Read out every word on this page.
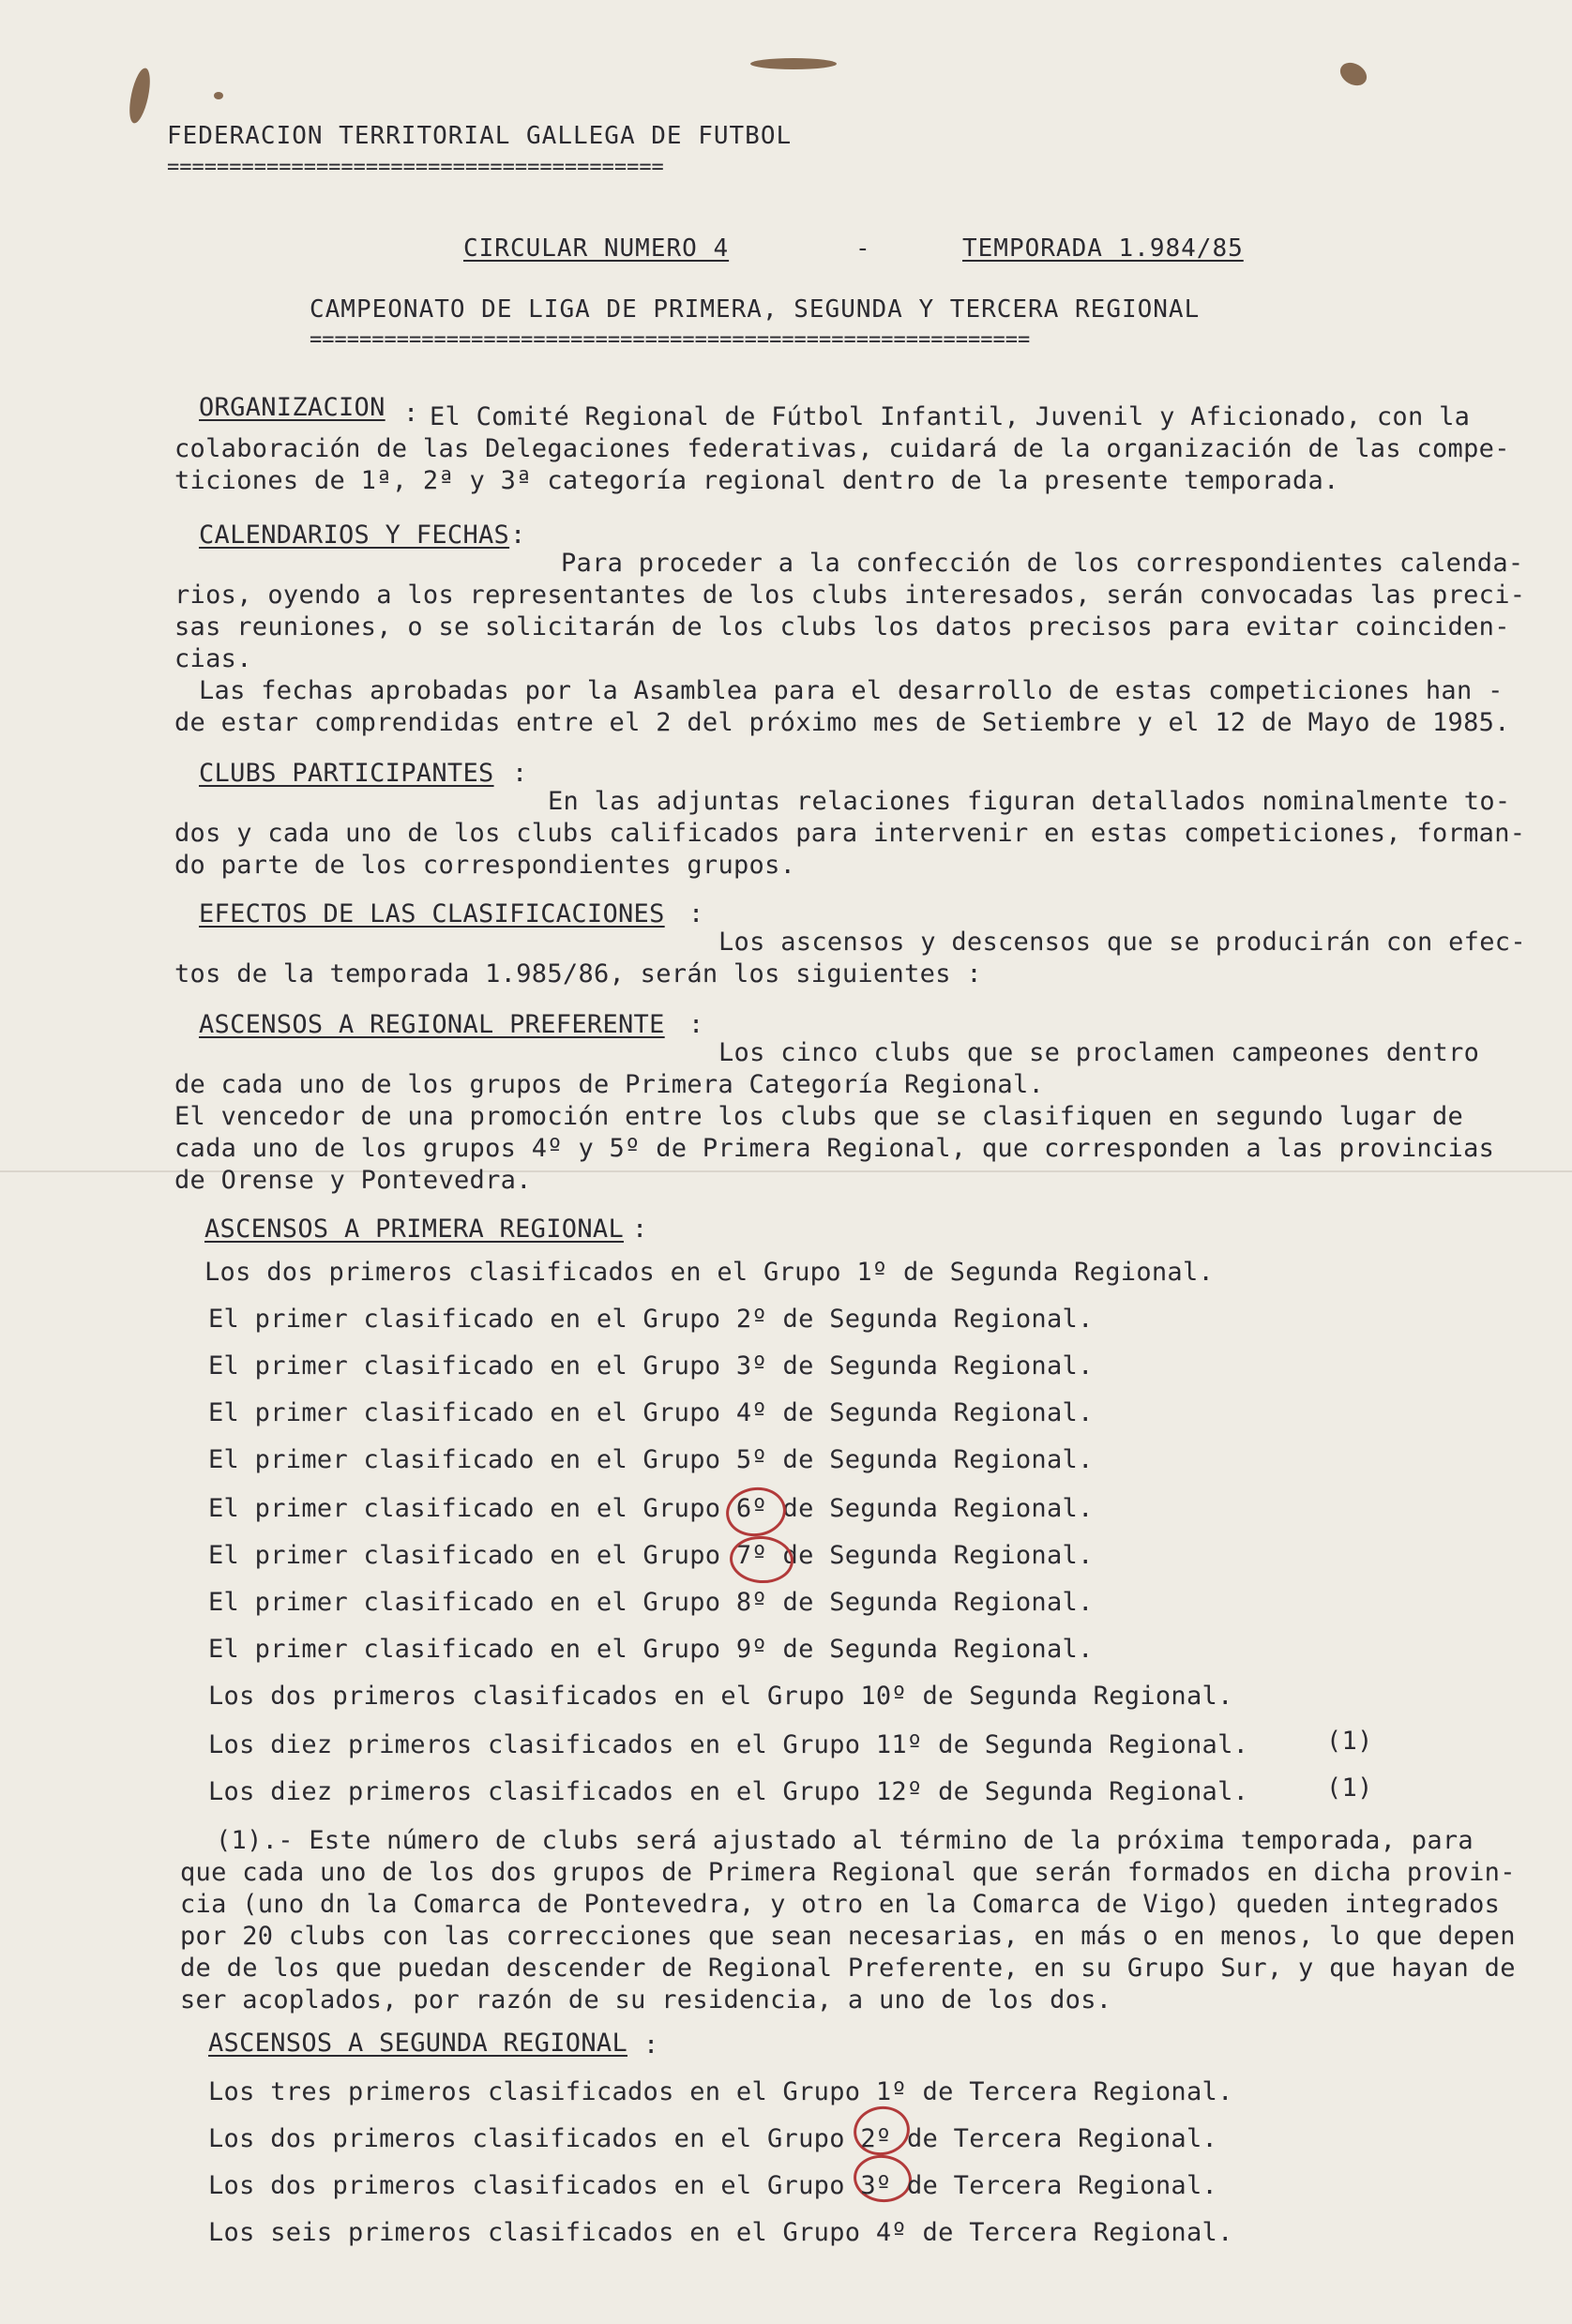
FEDERACION TERRITORIAL GALLEGA DE FUTBOL
========================================
CIRCULAR NUMERO 4	-	TEMPORADA 1.984/85
CAMPEONATO DE LIGA DE PRIMERA, SEGUNDA Y TERCERA REGIONAL
==========================================================
ORGANIZACION : El Comité Regional de Fútbol Infantil, Juvenil y Aficionado, con la
colaboración de las Delegaciones federativas, cuidará de la organización de las compe-
ticiones de 1ª, 2ª y 3ª categoría regional dentro de la presente temporada.
CALENDARIOS Y FECHAS :
Para proceder a la confección de los correspondientes calenda-
rios, oyendo a los representantes de los clubs interesados, serán convocadas las preci-
sas reuniones, o se solicitarán de los clubs los datos precisos para evitar coinciden-
cias.
Las fechas aprobadas por la Asamblea para el desarrollo de estas competiciones han -
de estar comprendidas entre el 2 del próximo mes de Setiembre y el 12 de Mayo de 1985.
CLUBS PARTICIPANTES :
En las adjuntas relaciones figuran detallados nominalmente to-
dos y cada uno de los clubs calificados para intervenir en estas competiciones, forman-
do parte de los correspondientes grupos.
EFECTOS DE LAS CLASIFICACIONES :
Los ascensos y descensos que se producirán con efec-
tos de la temporada 1.985/86, serán los siguientes :
ASCENSOS A REGIONAL PREFERENTE :
Los cinco clubs que se proclamen campeones dentro
de cada uno de los grupos de Primera Categoría Regional.
El vencedor de una promoción entre los clubs que se clasifiquen en segundo lugar de
cada uno de los grupos 4º y 5º de Primera Regional, que corresponden a las provincias
de Orense y Pontevedra.
ASCENSOS A PRIMERA REGIONAL :
Los dos primeros clasificados en el Grupo 1º de Segunda Regional.
El primer clasificado en el Grupo 2º de Segunda Regional.
El primer clasificado en el Grupo 3º de Segunda Regional.
El primer clasificado en el Grupo 4º de Segunda Regional.
El primer clasificado en el Grupo 5º de Segunda Regional.
El primer clasificado en el Grupo 6º de Segunda Regional.
El primer clasificado en el Grupo 7º de Segunda Regional.
El primer clasificado en el Grupo 8º de Segunda Regional.
El primer clasificado en el Grupo 9º de Segunda Regional.
Los dos primeros clasificados en el Grupo 10º de Segunda Regional.
Los diez primeros clasificados en el Grupo 11º de Segunda Regional.	(1)
Los diez primeros clasificados en el Grupo 12º de Segunda Regional.	(1)
(1).- Este número de clubs será ajustado al término de la próxima temporada, para
que cada uno de los dos grupos de Primera Regional que serán formados en dicha provin-
cia (uno dn la Comarca de Pontevedra, y otro en la Comarca de Vigo) queden integrados
por 20 clubs con las correcciones que sean necesarias, en más o en menos, lo que depen
de de los que puedan descender de Regional Preferente, en su Grupo Sur, y que hayan de
ser acoplados, por razón de su residencia, a uno de los dos.
ASCENSOS A SEGUNDA REGIONAL :
Los tres primeros clasificados en el Grupo 1º de Tercera Regional.
Los dos primeros clasificados en el Grupo 2º de Tercera Regional.
Los dos primeros clasificados en el Grupo 3º de Tercera Regional.
Los seis primeros clasificados en el Grupo 4º de Tercera Regional.
